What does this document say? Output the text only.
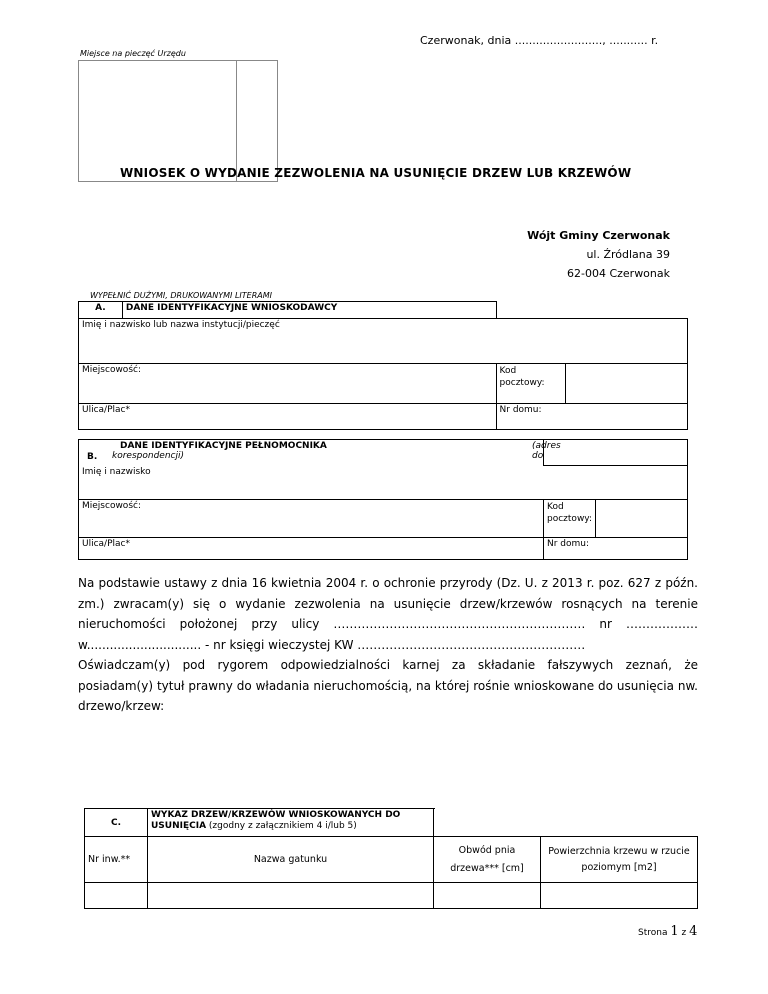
Czerwonak, dnia ........................., ........... r.
Miejsce na pieczęć Urzędu
WNIOSEK O WYDANIE ZEZWOLENIA NA USUNIĘCIE DRZEW LUB KRZEWÓW
Wójt Gminy Czerwonak
ul. Źródlana 39
62-004 Czerwonak
WYPEŁNIĆ DUŻYMI, DRUKOWANYMI LITERAMI
A.	DANE IDENTYFIKACYJNE WNIOSKODAWCY		
Imię i nazwisko lub nazwa instytucji/pieczęć			
Miejscowość:		Kod pocztowy:	
Ulica/Plac*		Nr domu:	
B.
DANE IDENTYFIKACYJNE PEŁNOMOCNIKA
korespondencji)
(adres do		

Imię i nazwisko		
Miejscowość:	Kod pocztowy:	
Ulica/Plac*	Nr domu:	
Na podstawie ustawy z dnia 16 kwietnia 2004 r. o ochronie przyrody (Dz. U. z 2013 r. poz. 627 z późn. zm.) zwracam(y) się o wydanie zezwolenia na usunięcie drzew/krzewów rosnących na terenie nieruchomości położonej przy ulicy ……………………………………………………… nr ……………… w.............................. - nr księgi wieczystej KW …………………………………………………
Oświadczam(y) pod rygorem odpowiedzialności karnej za składanie fałszywych zeznań, że posiadam(y) tytuł prawny do władania nieruchomością, na której rośnie wnioskowane do usunięcia nw. drzewo/krzew:
C.	WYKAZ DRZEW/KRZEWÓW WNIOSKOWANYCH DO USUNIĘCIA (zgodny z załącznikiem 4 i/lub 5)		
Nr inw.**	Nazwa gatunku	Obwód pnia drzewa*** [cm]	Powierzchnia krzewu w rzucie poziomym [m2]

Strona 1 z 4
